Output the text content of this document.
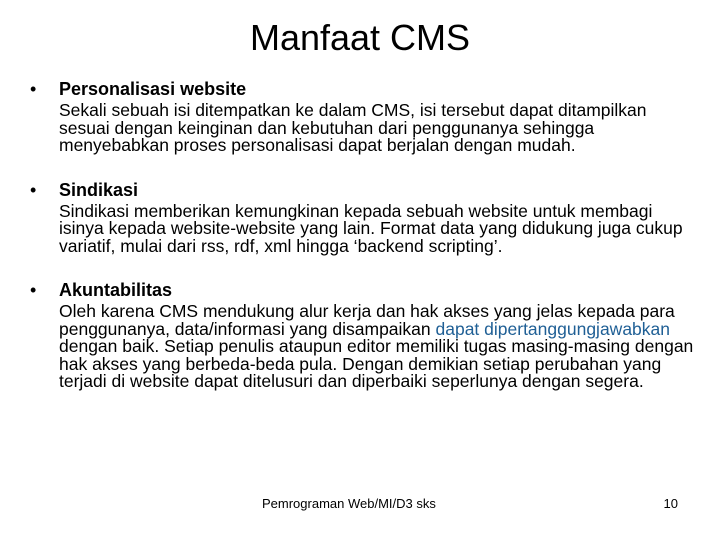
Manfaat CMS
• Personalisasi website
Sekali sebuah isi ditempatkan ke dalam CMS, isi tersebut dapat ditampilkan sesuai dengan keinginan dan kebutuhan dari penggunanya sehingga menyebabkan proses personalisasi dapat berjalan dengan mudah.
• Sindikasi
Sindikasi memberikan kemungkinan kepada sebuah website untuk membagi isinya kepada website-website yang lain. Format data yang didukung juga cukup variatif, mulai dari rss, rdf, xml hingga ‘backend scripting’.
• Akuntabilitas
Oleh karena CMS mendukung alur kerja dan hak akses yang jelas kepada para penggunanya, data/informasi yang disampaikan dapat dipertanggungjawabkan dengan baik. Setiap penulis ataupun editor memiliki tugas masing-masing dengan hak akses yang berbeda-beda pula. Dengan demikian setiap perubahan yang terjadi di website dapat ditelusuri dan diperbaiki seperlunya dengan segera.
Pemrograman Web/MI/D3 sks	10
